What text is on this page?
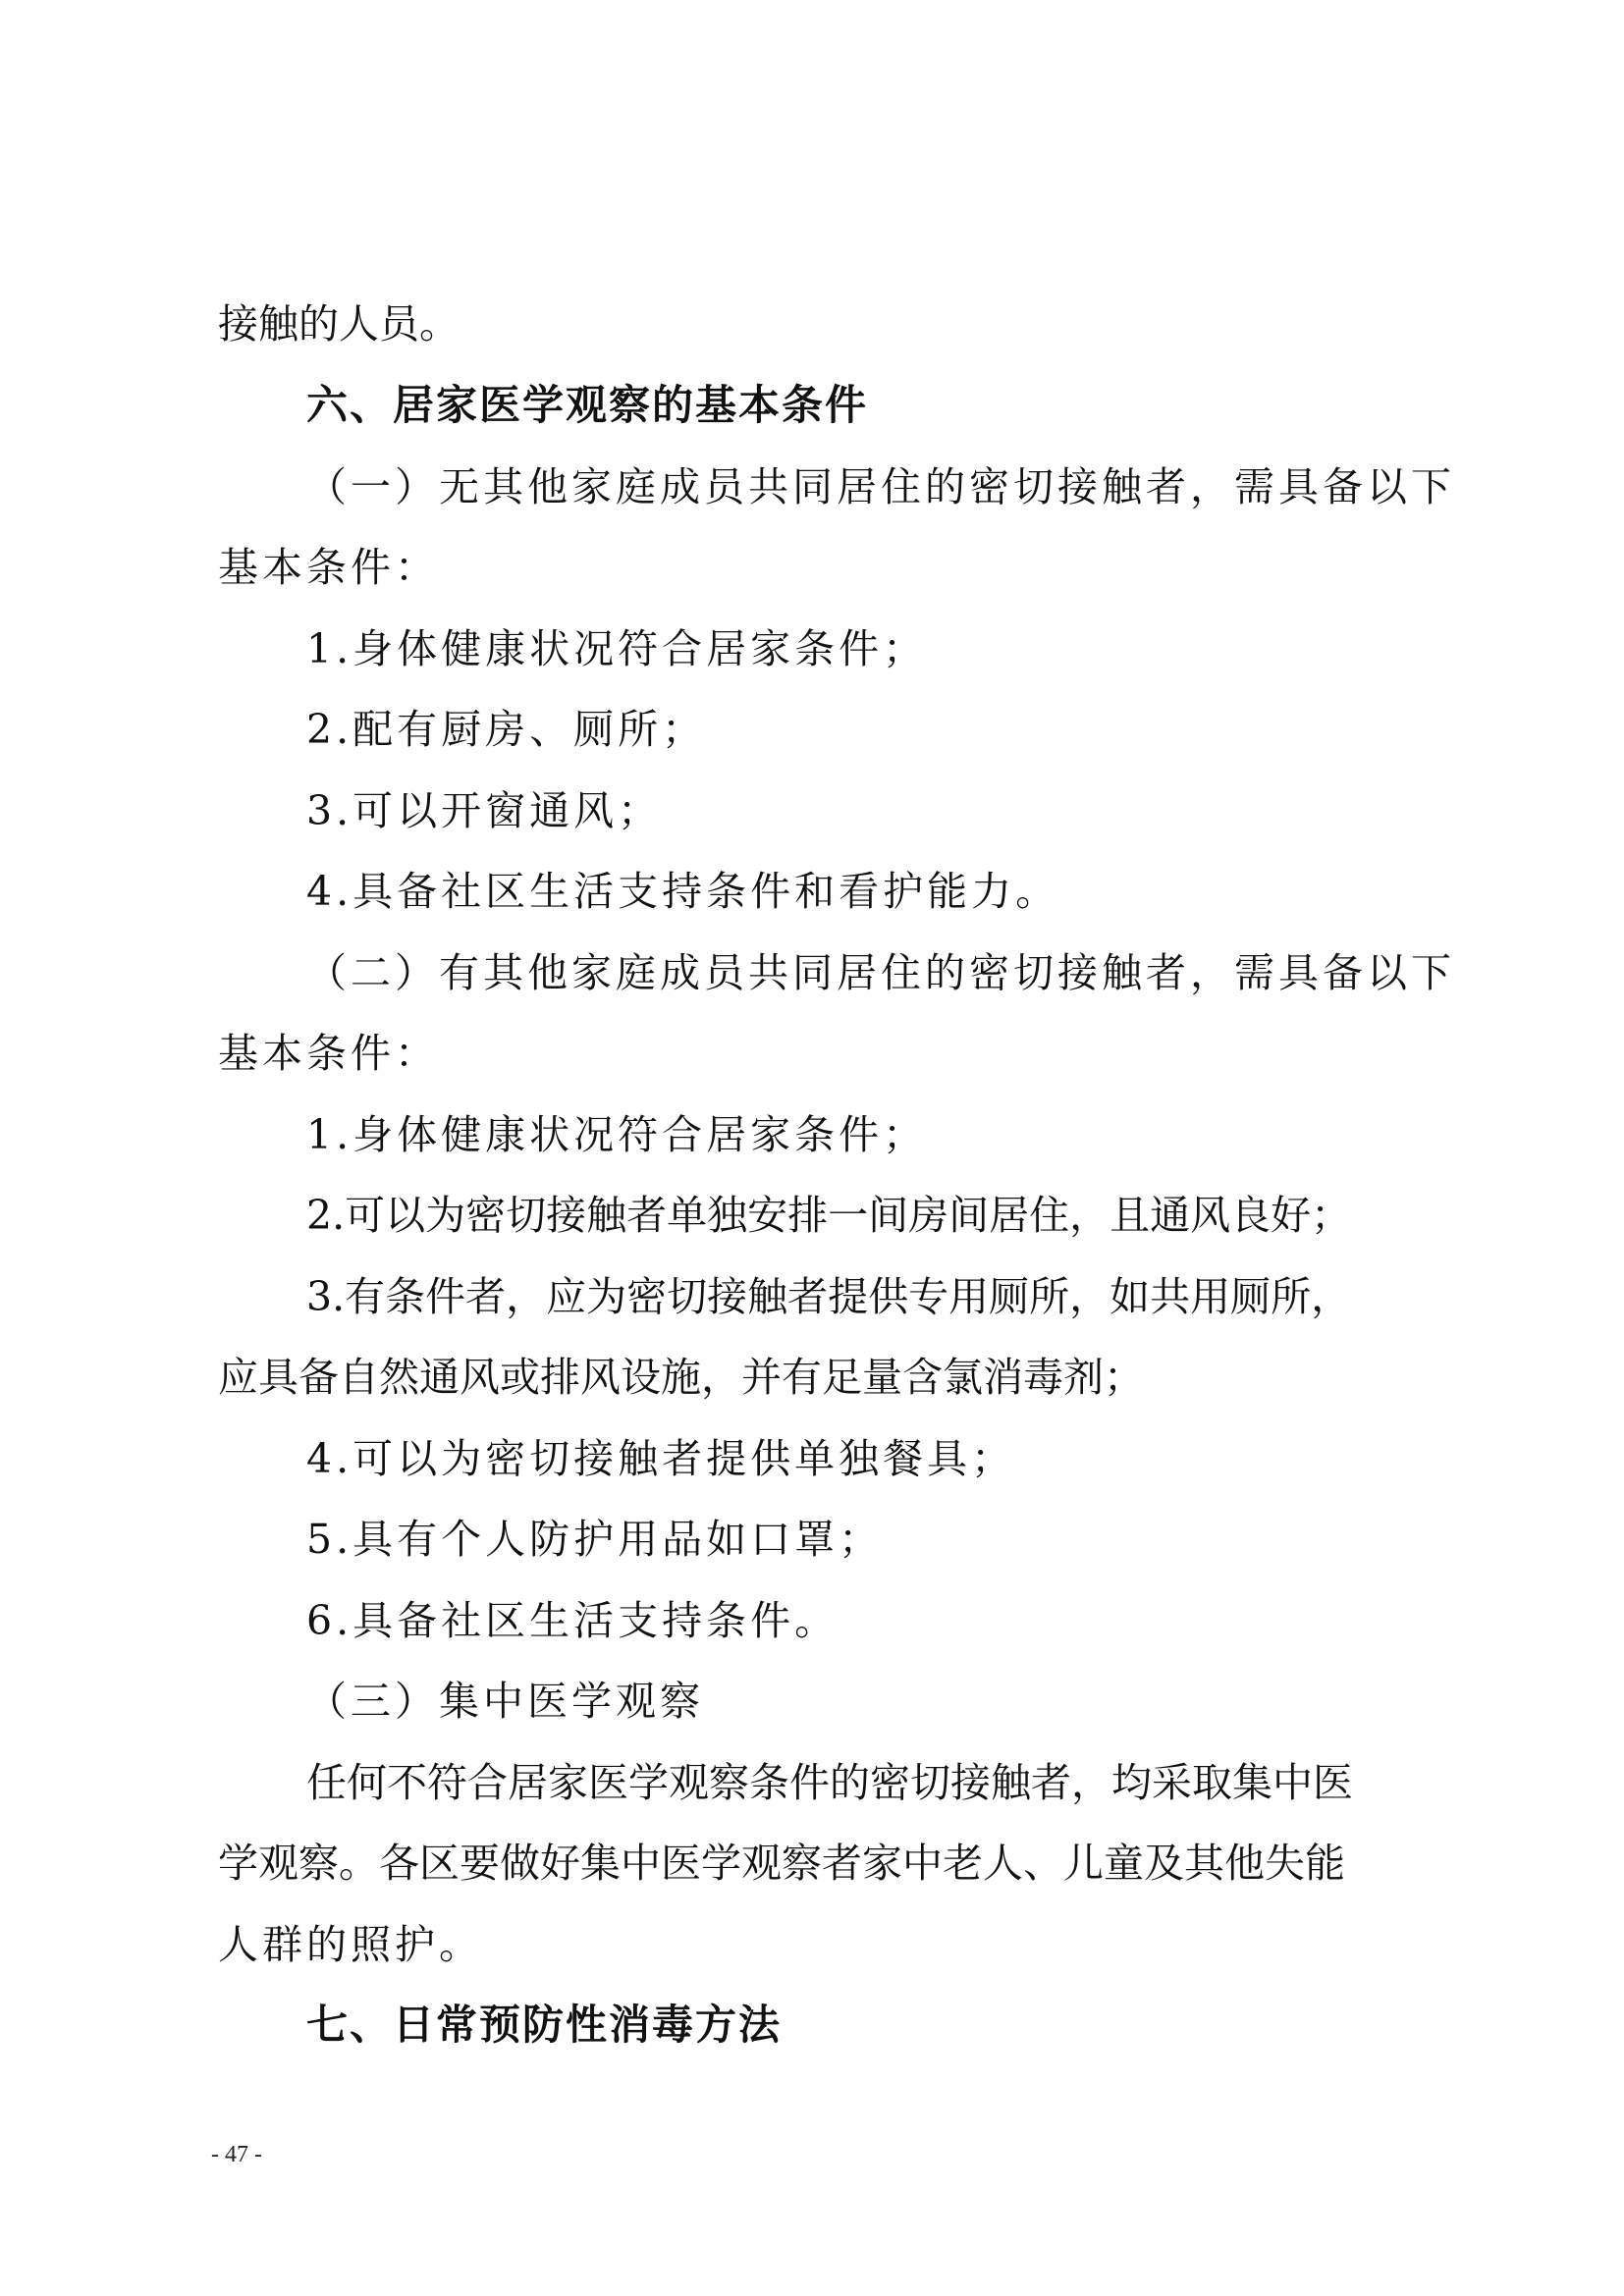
接触的人员。
六、居家医学观察的基本条件
（一）无其他家庭成员共同居住的密切接触者，需具备以下
基本条件：
1.身体健康状况符合居家条件；
2.配有厨房、厕所；
3.可以开窗通风；
4.具备社区生活支持条件和看护能力。
（二）有其他家庭成员共同居住的密切接触者，需具备以下
基本条件：
1.身体健康状况符合居家条件；
2.可以为密切接触者单独安排一间房间居住，且通风良好；
3.有条件者，应为密切接触者提供专用厕所，如共用厕所，
应具备自然通风或排风设施，并有足量含氯消毒剂；
4.可以为密切接触者提供单独餐具；
5.具有个人防护用品如口罩；
6.具备社区生活支持条件。
（三）集中医学观察
任何不符合居家医学观察条件的密切接触者，均采取集中医
学观察。各区要做好集中医学观察者家中老人、儿童及其他失能
人群的照护。
七、日常预防性消毒方法
- 47 -
